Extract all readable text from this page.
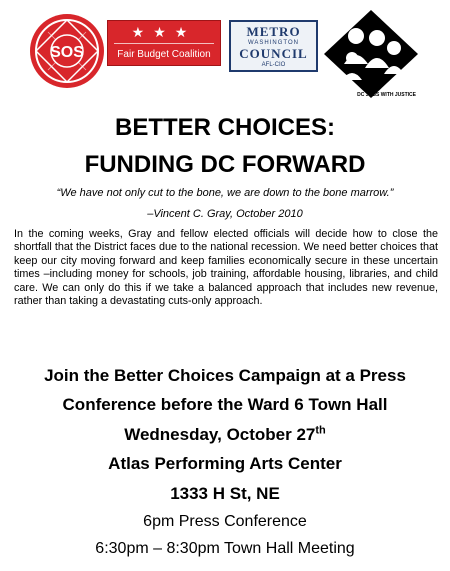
SOS
★★★
Fair Budget Coalition
METRO
WASHINGTON
COUNCIL
AFL-CIO
DC JOBS WITH JUSTICE
BETTER CHOICES:
FUNDING DC FORWARD
“We have not only cut to the bone, we are down to the bone marrow.”
–Vincent C. Gray, October 2010

In the coming weeks, Gray and fellow elected officials will decide how to close the shortfall that the District faces due to the national recession. We need better choices that keep our city moving forward and keep families economically secure in these uncertain times –including money for schools, job training, affordable housing, libraries, and child care. We can only do this if we take a balanced approach that includes new revenue, rather than taking a devastating cuts-only approach.

Join the Better Choices Campaign at a Press
Conference before the Ward 6 Town Hall
Wednesday, October 27th
Atlas Performing Arts Center
1333 H St, NE
6pm Press Conference
6:30pm – 8:30pm Town Hall Meeting
